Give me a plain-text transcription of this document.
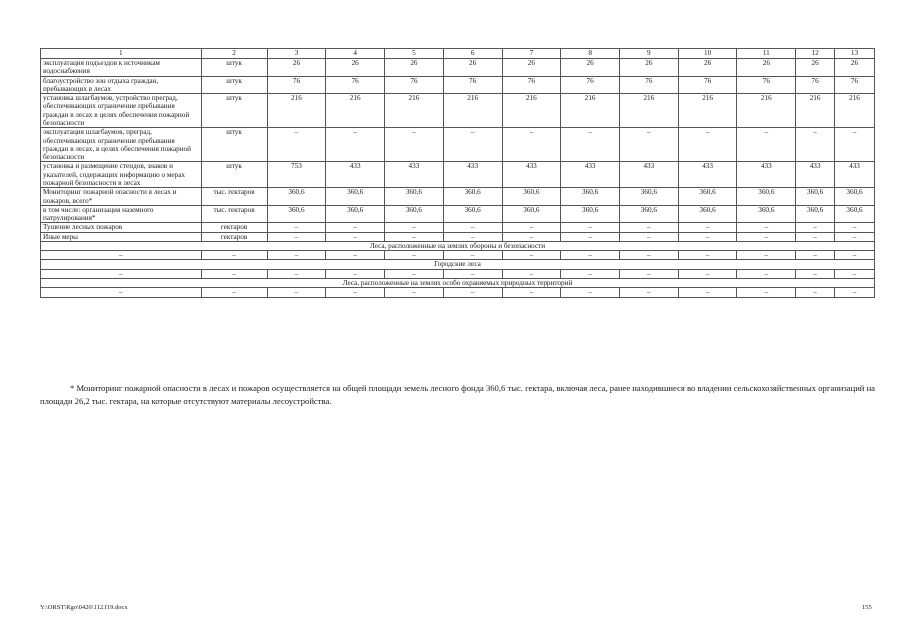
1	2	3	4	5	6	7	8	9	10	11	12	13
эксплуатация подъездов к источникам водоснабжения	штук	26	26	26	26	26	26	26	26	26	26	26
благоустройство зон отдыха граждан, пребывающих в лесах	штук	76	76	76	76	76	76	76	76	76	76	76
установка шлагбаумов, устройство преград, обеспечивающих ограничение пребывания граждан в лесах в целях обеспечения пожарной безопасности	штук	216	216	216	216	216	216	216	216	216	216	216
эксплуатация шлагбаумов, преград, обеспечивающих ограничение пребывания граждан в лесах, в целях обеспечения пожарной безопасности	штук	–	–	–	–	–	–	–	–	–	–	–
установка и размещение стендов, знаков и указателей, содержащих информацию о мерах пожарной безопасности в лесах	штук	753	433	433	433	433	433	433	433	433	433	433
Мониторинг пожарной опасности в лесах и пожаров, всего*	тыс. гектаров	360,6	360,6	360,6	360,6	360,6	360,6	360,6	360,6	360,6	360,6	360,6
в том числе: организация наземного патрулирования*	тыс. гектаров	360,6	360,6	360,6	360,6	360,6	360,6	360,6	360,6	360,6	360,6	360,6
Тушение лесных пожаров	гектаров	–	–	–	–	–	–	–	–	–	–	–
Иные меры	гектаров	–	–	–	–	–	–	–	–	–	–	–
Леса, расположенные на землях обороны и безопасности												
–	–	–	–	–	–	–	–	–	–	–	–	–
Городские леса												
–	–	–	–	–	–	–	–	–	–	–	–	–
Леса, расположенные на землях особо охраняемых природных территорий												
–	–	–	–	–	–	–	–	–	–	–	–	–
* Мониторинг пожарной опасности в лесах и пожаров осуществляется на общей площади земель лесного фонда 360,6 тыс. гектара, включая леса, ранее находившиеся во владении сельскохозяйственных организаций на площади 26,2 тыс. гектара, на которые отсутствуют материалы лесоустройства.
Y:\ORST\Rgo\0426\112.f19.docx	155
